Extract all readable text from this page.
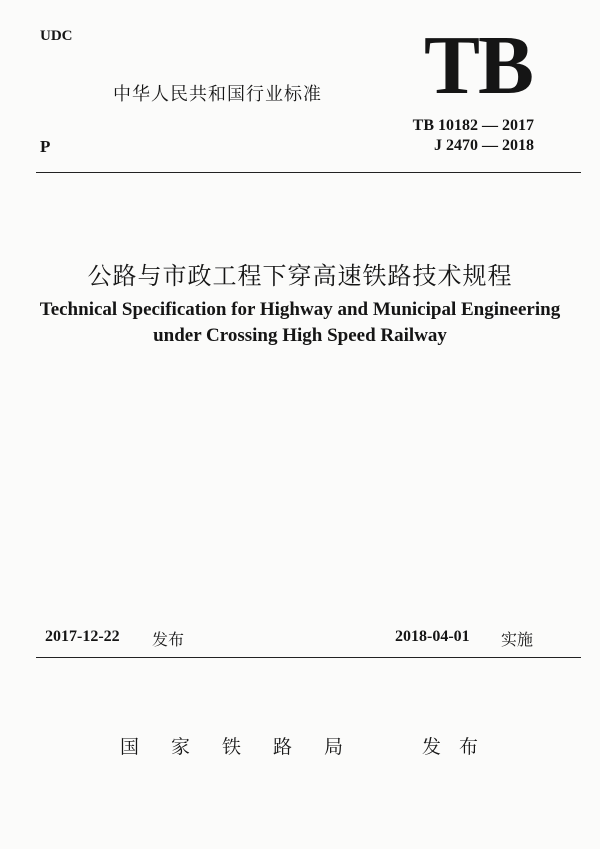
UDC
中华人民共和国行业标准 TB
P
TB 10182 — 2017
J 2470 — 2018
公路与市政工程下穿高速铁路技术规程
Technical Specification for Highway and Municipal Engineering
under Crossing High Speed Railway
2017-12-22 发布	2018-04-01 实施
国家铁路局 发布
